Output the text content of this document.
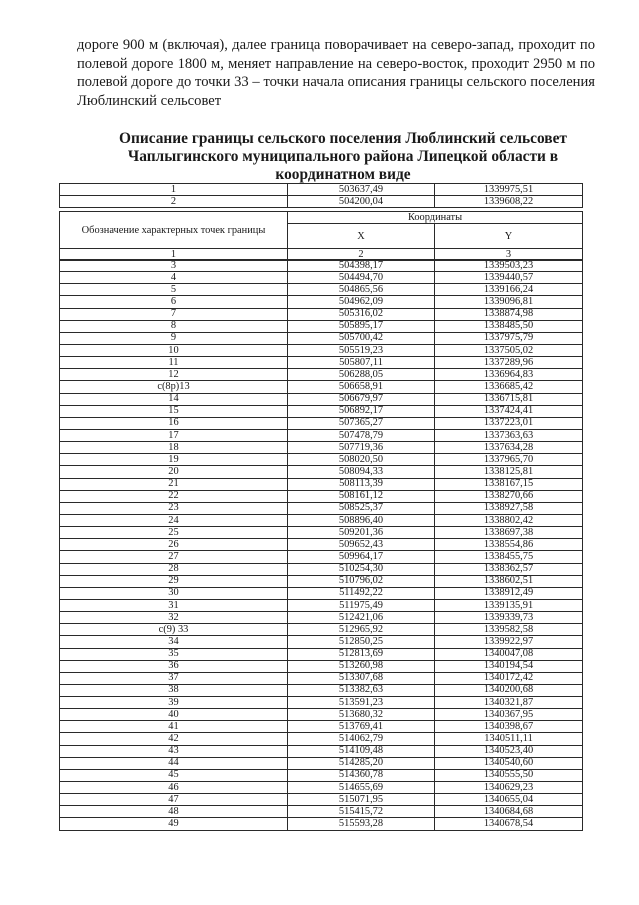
дороге 900 м (включая), далее граница поворачивает на северо-запад, проходит по полевой дороге 1800 м, меняет направление на северо-восток, проходит 2950 м по полевой дороге до точки 33 – точки начала описания границы сельского поселения Люблинский сельсовет

Описание границы сельского поселения Люблинский сельсовет Чаплыгинского муниципального района Липецкой области в координатном виде
1	503637,49	1339975,51
2	504200,04	1339608,22
Обозначение характерных точек границы	Координаты	
	X	Y
1	2	3
3	504398,17	1339503,23
4	504494,70	1339440,57
5	504865,56	1339166,24
6	504962,09	1339096,81
7	505316,02	1338874,98
8	505895,17	1338485,50
9	505700,42	1337975,79
10	505519,23	1337505,02
11	505807,11	1337289,96
12	506288,05	1336964,83
с(8р)13	506658,91	1336685,42
14	506679,97	1336715,81
15	506892,17	1337424,41
16	507365,27	1337223,01
17	507478,79	1337363,63
18	507719,36	1337634,28
19	508020,50	1337965,70
20	508094,33	1338125,81
21	508113,39	1338167,15
22	508161,12	1338270,66
23	508525,37	1338927,58
24	508896,40	1338802,42
25	509201,36	1338697,38
26	509652,43	1338554,86
27	509964,17	1338455,75
28	510254,30	1338362,57
29	510796,02	1338602,51
30	511492,22	1338912,49
31	511975,49	1339135,91
32	512421,06	1339339,73
с(9) 33	512965,92	1339582,58
34	512850,25	1339922,97
35	512813,69	1340047,08
36	513260,98	1340194,54
37	513307,68	1340172,42
38	513382,63	1340200,68
39	513591,23	1340321,87
40	513680,32	1340367,95
41	513769,41	1340398,67
42	514062,79	1340511,11
43	514109,48	1340523,40
44	514285,20	1340540,60
45	514360,78	1340555,50
46	514655,69	1340629,23
47	515071,95	1340655,04
48	515415,72	1340684,68
49	515593,28	1340678,54
